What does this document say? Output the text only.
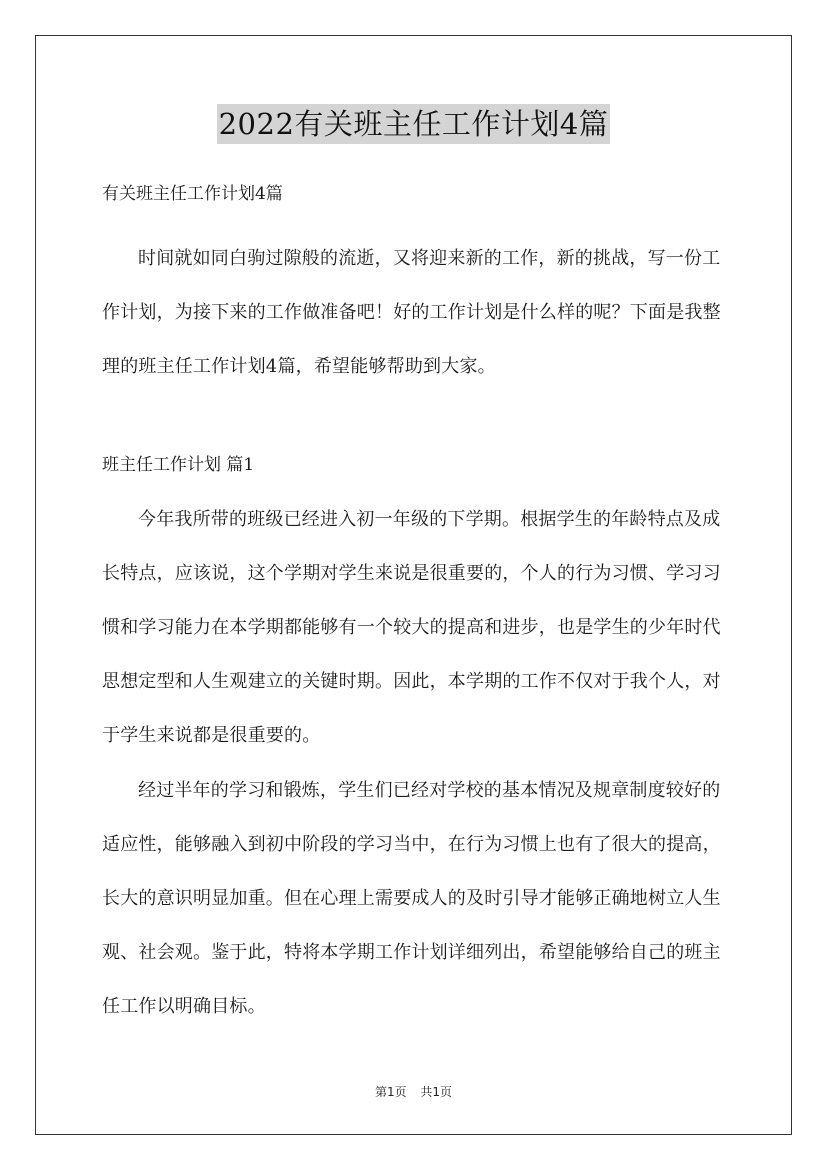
2022有关班主任工作计划4篇
有关班主任工作计划4篇

时间就如同白驹过隙般的流逝，又将迎来新的工作，新的挑战，写一份工作计划，为接下来的工作做准备吧！好的工作计划是什么样的呢？下面是我整理的班主任工作计划4篇，希望能够帮助到大家。

班主任工作计划 篇1

今年我所带的班级已经进入初一年级的下学期。根据学生的年龄特点及成长特点，应该说，这个学期对学生来说是很重要的，个人的行为习惯、学习习惯和学习能力在本学期都能够有一个较大的提高和进步，也是学生的少年时代思想定型和人生观建立的关键时期。因此，本学期的工作不仅对于我个人，对于学生来说都是很重要的。

经过半年的学习和锻炼，学生们已经对学校的基本情况及规章制度较好的适应性，能够融入到初中阶段的学习当中，在行为习惯上也有了很大的提高，长大的意识明显加重。但在心理上需要成人的及时引导才能够正确地树立人生观、社会观。鉴于此，特将本学期工作计划详细列出，希望能够给自己的班主任工作以明确目标。

第1页 共1页
